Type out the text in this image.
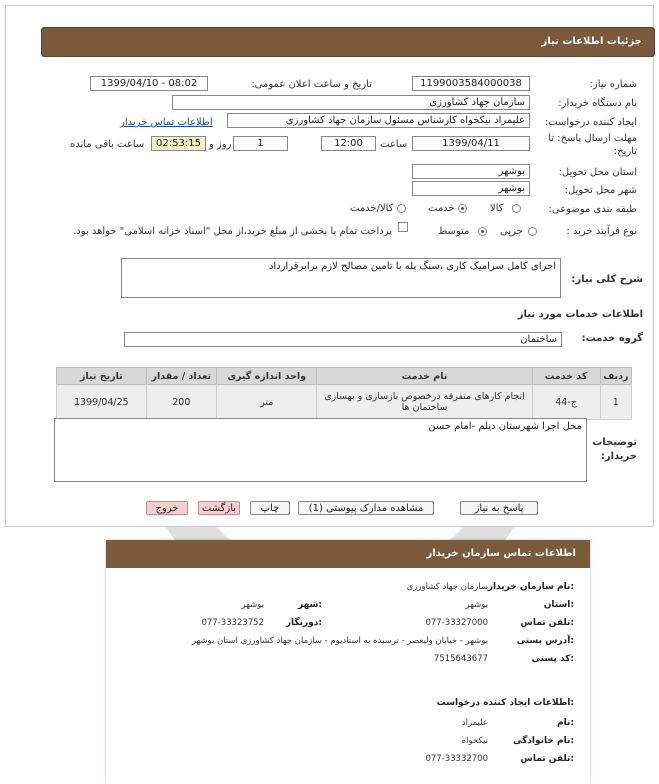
جزئیات اطلاعات نیاز
شماره نیاز:
1199003584000038
تاریخ و ساعت اعلان عمومی:
1399/04/10 - 08:02
نام دستگاه خریدار:
سازمان جهاد کشاورزی
ایجاد کننده درخواست:
علیمراد نیکخواه کارشناس مسئول سازمان جهاد کشاورزی
اطلاعات تماس خریدار
مهلت ارسال پاسخ: تا
تاریخ:
1399/04/11
ساعت
12:00
1
روز و
02:53:15
ساعت باقی مانده
استان محل تحویل:
بوشهر
شهر محل تحویل:
بوشهر
طبقه بندی موضوعی:
کالا
خدمت
کالا/خدمت
نوع فرآیند خرید :
جزیی
متوسط
پرداخت تمام یا بخشی از مبلغ خرید،از محل "اسناد خزانه اسلامی" خواهد بود.
شرح کلی نیاز:
اجرای کامل سرامیک کاری ،سنگ پله با تامین مصالح لازم برابرقرارداد
اطلاعات خدمات مورد نیاز
گروه خدمت:
ساختمان
تاریخ نیاز	تعداد / مقدار	واحد اندازه گیری	نام خدمت	کد خدمت	ردیف
1399/04/25	200	متر	انجام کارهای متفرقه درخصوص بازسازی و بهسازی ساختمان ها	ج-44	1
توضیحات
خریدار:
محل اجرا شهرستان دیلم -امام حسن
پاسخ به نیاز
مشاهده مدارک پیوستی (1)
چاپ
بازگشت
خروج
اطلاعات تماس سازمان خریدار
نام سازمان خریدار:
سازمان جهاد کشاورزی
استان:
بوشهر
شهر:
بوشهر
تلفن تماس:
077-33327000
دورنگار:
077-33323752
آدرس پستی:
بوشهر - خیابان ولیعصر - نرسیده به استادیوم - سازمان جهاد کشاورزی استان بوشهر
کد پستی:
7515643677
اطلاعات ایجاد کننده درخواست:
نام:
علیمراد
نام خانوادگی:
نیکخواه
تلفن تماس:
077-33332700
